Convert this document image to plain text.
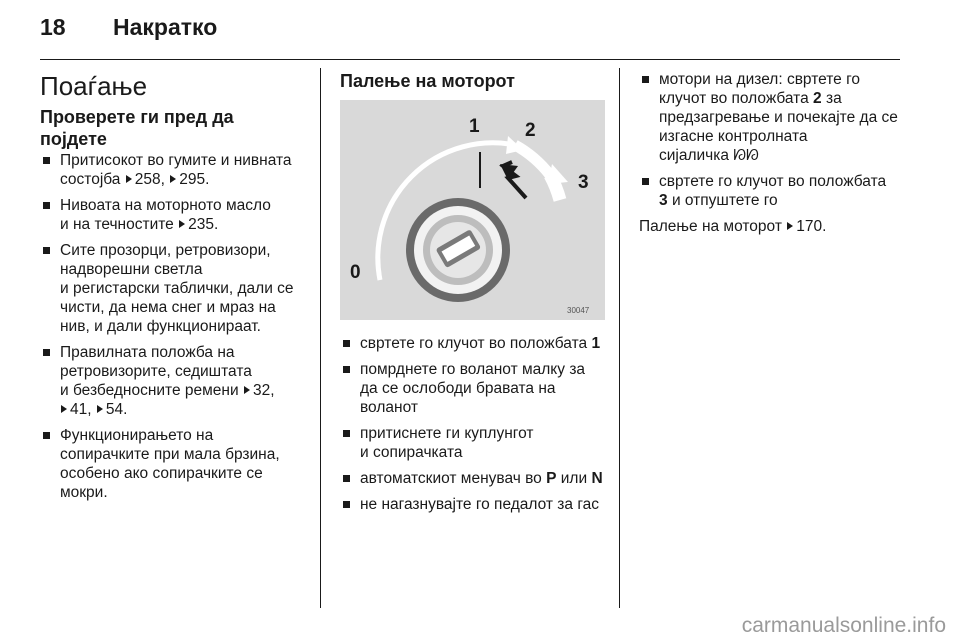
18 Накратко
Поаѓање
Проверете ги пред да појдете
Притисокот во гумите и нивната
состојба 258, 295.
Нивоата на моторното масло
и на течностите 235.
Сите прозорци, ретровизори,
надворешни светла
и регистарски таблички, дали се
чисти, да нема снег и мраз на
нив, и дали функционираат.
Правилната положба на
ретровизорите, седиштата
и безбедносните ремени 32,
41, 54.
Функционирањето на
сопирачките при мала брзина,
особено ако сопирачките се
мокри.
Палење на моторот
0
1 2
3
30047
свртете го клучот во положбата 1
помрднете го воланот малку за
да се ослободи бравата на
воланот
притиснете ги куплунгот
и сопирачката
автоматскиот менувач во P или N
не нагазнувајте го педалот за гас
мотори на дизел: свртете го
клучот во положбата 2 за
предзагревање и почекајте да се
изгасне контролната
сијаличка ᘗᘗ
свртете го клучот во положбата
3 и отпуштете го

Палење на моторот 170.

carmanualsonline.info
